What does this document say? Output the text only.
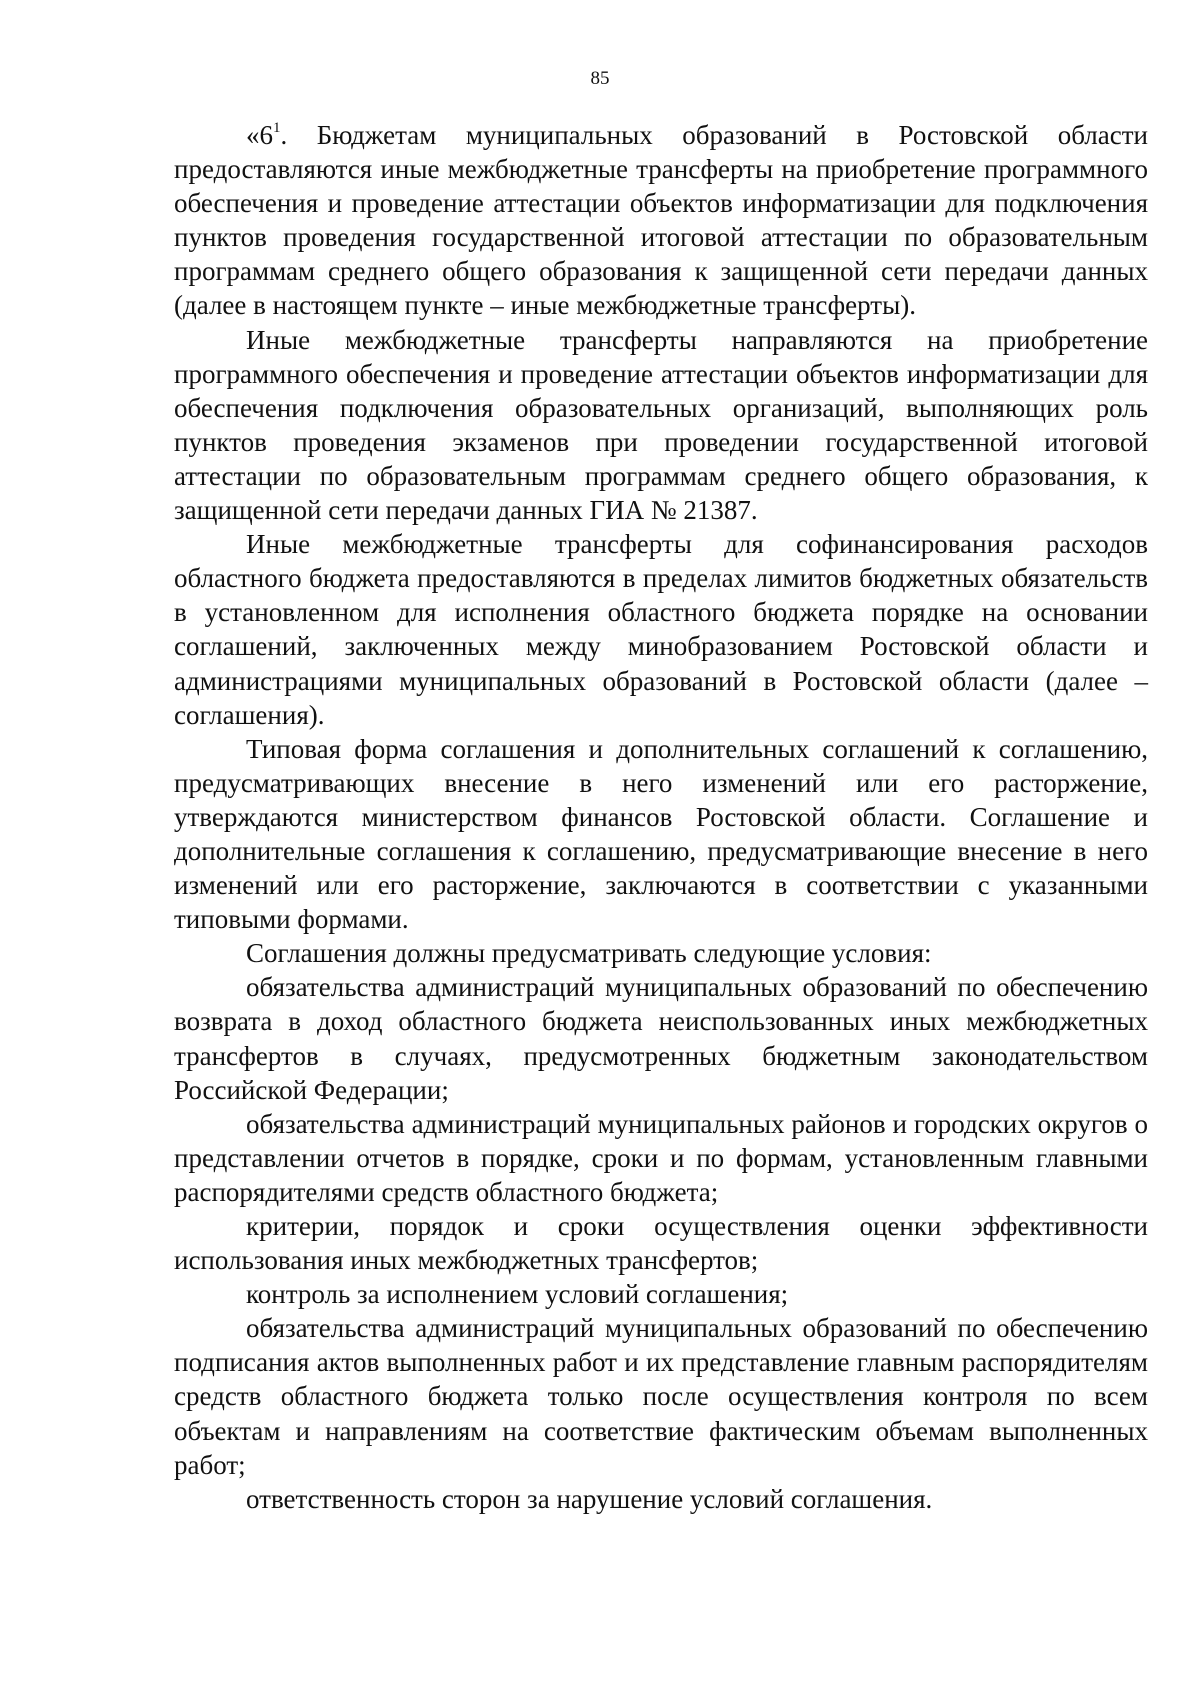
85

«$6^1$. Бюджетам муниципальных образований в Ростовской области предоставляются иные межбюджетные трансферты на приобретение программного обеспечения и проведение аттестации объектов информатизации для подключения пунктов проведения государственной итоговой аттестации по образовательным программам среднего общего образования к защищенной сети передачи данных (далее в настоящем пункте – иные межбюджетные трансферты).

Иные межбюджетные трансферты направляются на приобретение программного обеспечения и проведение аттестации объектов информатизации для обеспечения подключения образовательных организаций, выполняющих роль пунктов проведения экзаменов при проведении государственной итоговой аттестации по образовательным программам среднего общего образования, к защищенной сети передачи данных ГИА № 21387.

Иные межбюджетные трансферты для софинансирования расходов областного бюджета предоставляются в пределах лимитов бюджетных обязательств в установленном для исполнения областного бюджета порядке на основании соглашений, заключенных между минобразованием Ростовской области и администрациями муниципальных образований в Ростовской области (далее – соглашения).

Типовая форма соглашения и дополнительных соглашений к соглашению, предусматривающих внесение в него изменений или его расторжение, утверждаются министерством финансов Ростовской области. Соглашение и дополнительные соглашения к соглашению, предусматривающие внесение в него изменений или его расторжение, заключаются в соответствии с указанными типовыми формами.

Соглашения должны предусматривать следующие условия:

обязательства администраций муниципальных образований по обеспечению возврата в доход областного бюджета неиспользованных иных межбюджетных трансфертов в случаях, предусмотренных бюджетным законодательством Российской Федерации;

обязательства администраций муниципальных районов и городских округов о представлении отчетов в порядке, сроки и по формам, установленным главными распорядителями средств областного бюджета;

критерии, порядок и сроки осуществления оценки эффективности использования иных межбюджетных трансфертов;

контроль за исполнением условий соглашения;

обязательства администраций муниципальных образований по обеспечению подписания актов выполненных работ и их представление главным распорядителям средств областного бюджета только после осуществления контроля по всем объектам и направлениям на соответствие фактическим объемам выполненных работ;

ответственность сторон за нарушение условий соглашения.
